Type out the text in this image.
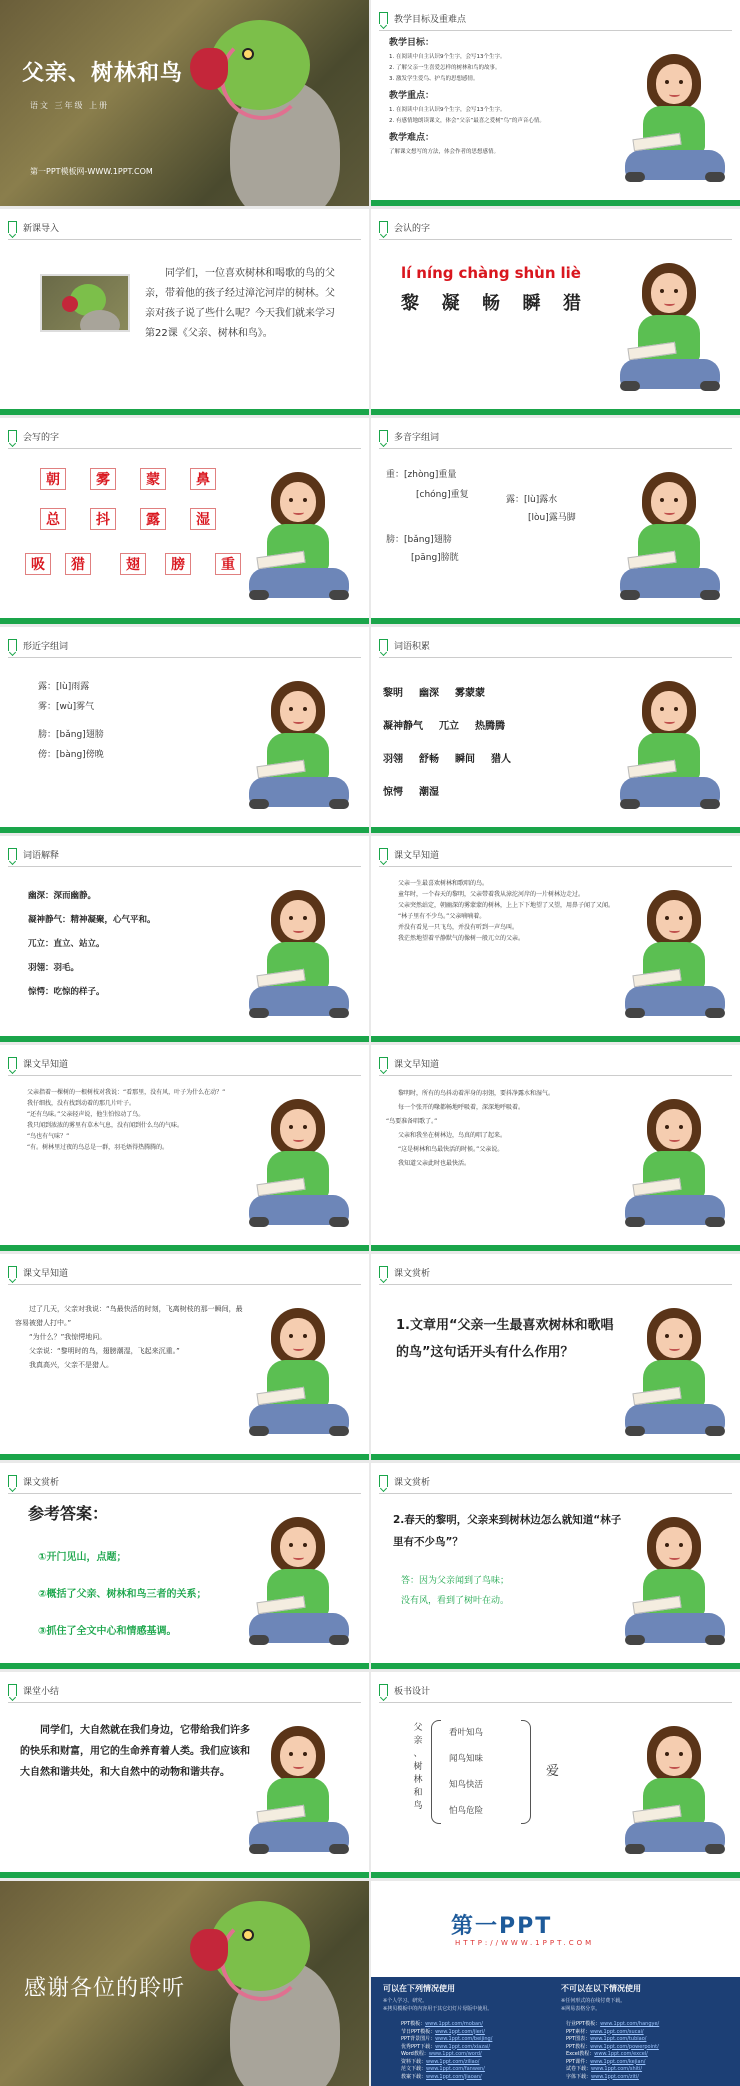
父亲、树林和鸟
语文 三年级 上册
第一PPT模板网-WWW.1PPT.COM
教学目标及重难点
教学目标：
1. 在阅读中自主认识9个生字，会写13个生字。
2. 了解父亲一生喜爱怎样的树林和鸟的故事。
3. 激发学生爱鸟、护鸟的思想感情。
教学重点：
1. 在阅读中自主认识9个生字，会写13个生字。
2. 有感情地朗读课文，体会“父亲”最喜之爱树“鸟”的声音心情。
教学难点：
了解课文想写的方法，体会作者的思想感情。
新课导入
同学们，一位喜欢树林和喝歌的鸟的父亲，带着他的孩子经过漳沱河岸的树林。父亲对孩子说了些什么呢？今天我们就来学习第22课《父亲、树林和鸟》。
会认的字
lí níng chàng shùn liè
黎 凝 畅 瞬 猎
会写的字
朝	雾	蒙	鼻
总	抖	露	湿
吸	猎	翅	膀	重
多音字组词
重：[zhòng]重量
[chóng]重复	露：[lù]露水
[lòu]露马脚
膀：[bǎng]翅膀
[pāng]膀胱
形近字组词
露：[lù]雨露
雾：[wù]雾气
膀：[bǎng]翅膀
傍：[bàng]傍晚
词语积累
黎明 幽深 雾蒙蒙
凝神静气 兀立 热腾腾
羽翎 舒畅 瞬间 猎人
惊愕 潮湿
词语解释
幽深：深而幽静。
凝神静气：精神凝聚，心气平和。
兀立：直立、站立。
羽翎：羽毛。
惊愕：吃惊的样子。
课文早知道
父亲一生最喜欢树林和歌唱的鸟。
童年时，一个春天的黎明，父亲带着我从漳沱河岸的一片树林边走过。
父亲突然站定，朝幽深的雾蒙蒙的树林，上上下下地望了又望，用鼻子闻了又闻。
“林子里有不少鸟。”父亲喃喃着。
并没有看见一只飞鸟，并没有听到一声鸟叫。
我茫然地望着平静默气的像树一般兀立的父亲。
课文早知道
父亲指着一棵树的一根树枝对我说：“看那里，没有风，叶子为什么在动？”
我仔细找，没有找到动着的那几片叶子。
“还有鸟味。”父亲轻声说，他生怕惊动了鸟。
我只闻到浓浓的雾里有草木气息，没有闻到什么鸟的气味。
“鸟也有气味？”
“有。树林里过夜的鸟总是一群，羽毛焐得热腾腾的。
课文早知道
黎明时，所有的鸟抖动着浑身的羽翎，要抖净露水和湿气。
每一个张开的喙都畅地呼吸着，深深地呼吸着。
“鸟要准备唱歌了。”
父亲和我坐在树林边，鸟真的唱了起来。
“这是树林和鸟最快活的时候。”父亲说。
我知道父亲此时也最快活。
课文早知道
过了几天，父亲对我说：“鸟最快活的时刻，飞离树枝的那一瞬间，最容易被猎人打中。”
“为什么？”我惊愕地问。
父亲说：“黎明时的鸟，翅膀潮湿，飞起来沉重。”
我真高兴，父亲不是猎人。
课文赏析
1.文章用“父亲一生最喜欢树林和歌唱的鸟”这句话开头有什么作用？
课文赏析
参考答案：
①开门见山，点题；
②概括了父亲、树林和鸟三者的关系；
③抓住了全文中心和情感基调。
课文赏析
2.春天的黎明，父亲来到树林边怎么就知道“林子里有不少鸟”？
答：因为父亲闻到了鸟味；
没有风，看到了树叶在动。
课堂小结
同学们，大自然就在我们身边，它带给我们许多的快乐和财富，用它的生命养育着人类。我们应该和大自然和谐共处，和大自然中的动物和谐共存。
板书设计
父
亲
、
树
林
和
鸟
看叶知鸟
闻鸟知味
知鸟快活
怕鸟危险
爱
感谢各位的聆听
第一PPT
HTTP://WWW.1PPT.COM
可以在下列情况使用
※个人学习、研究。
※拷贝模板中的内容用于其它幻灯片母版中使用。
不可以在以下情况使用
※任何形式的在线付费下载。
※网易表格分享。
PPT模板：www.1ppt.com/moban/
节日PPT模板：www.1ppt.com/jieri/
PPT背景图片：www.1ppt.com/beijing/
优秀PPT下载：www.1ppt.com/xiazai/
Word教程：www.1ppt.com/word/
资料下载：www.1ppt.com/ziliao/
范文下载：www.1ppt.com/fanwen/
教案下载：www.1ppt.com/jiaoan/
行业PPT模板：www.1ppt.com/hangye/
PPT素材：www.1ppt.com/sucai/
PPT图表：www.1ppt.com/tubiao/
PPT教程：www.1ppt.com/powerpoint/
Excel教程：www.1ppt.com/excel/
PPT课件：www.1ppt.com/kejian/
试卷下载：www.1ppt.com/shiti/
字体下载：www.1ppt.com/ziti/
